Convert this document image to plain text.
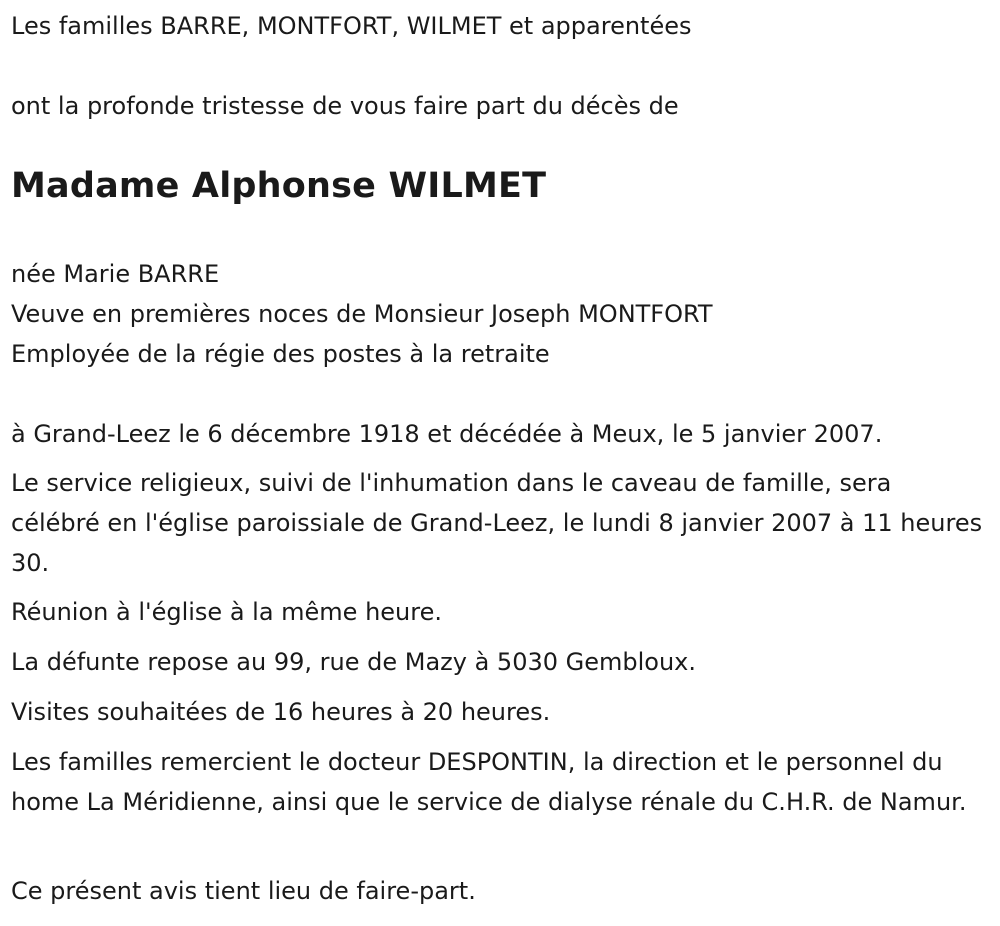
Les familles BARRE, MONTFORT, WILMET et apparentées

ont la profonde tristesse de vous faire part du décès de

Madame Alphonse WILMET

née Marie BARRE

Veuve en premières noces de Monsieur Joseph MONTFORT

Employée de la régie des postes à la retraite

à Grand-Leez le 6 décembre 1918 et décédée à Meux, le 5 janvier 2007.

Le service religieux, suivi de l'inhumation dans le caveau de famille, sera célébré en l'église paroissiale de Grand-Leez, le lundi 8 janvier 2007 à 11 heures 30.

Réunion à l'église à la même heure.

La défunte repose au 99, rue de Mazy à 5030 Gembloux.

Visites souhaitées de 16 heures à 20 heures.

Les familles remercient le docteur DESPONTIN, la direction et le personnel du home La Méridienne, ainsi que le service de dialyse rénale du C.H.R. de Namur.

Ce présent avis tient lieu de faire-part.
